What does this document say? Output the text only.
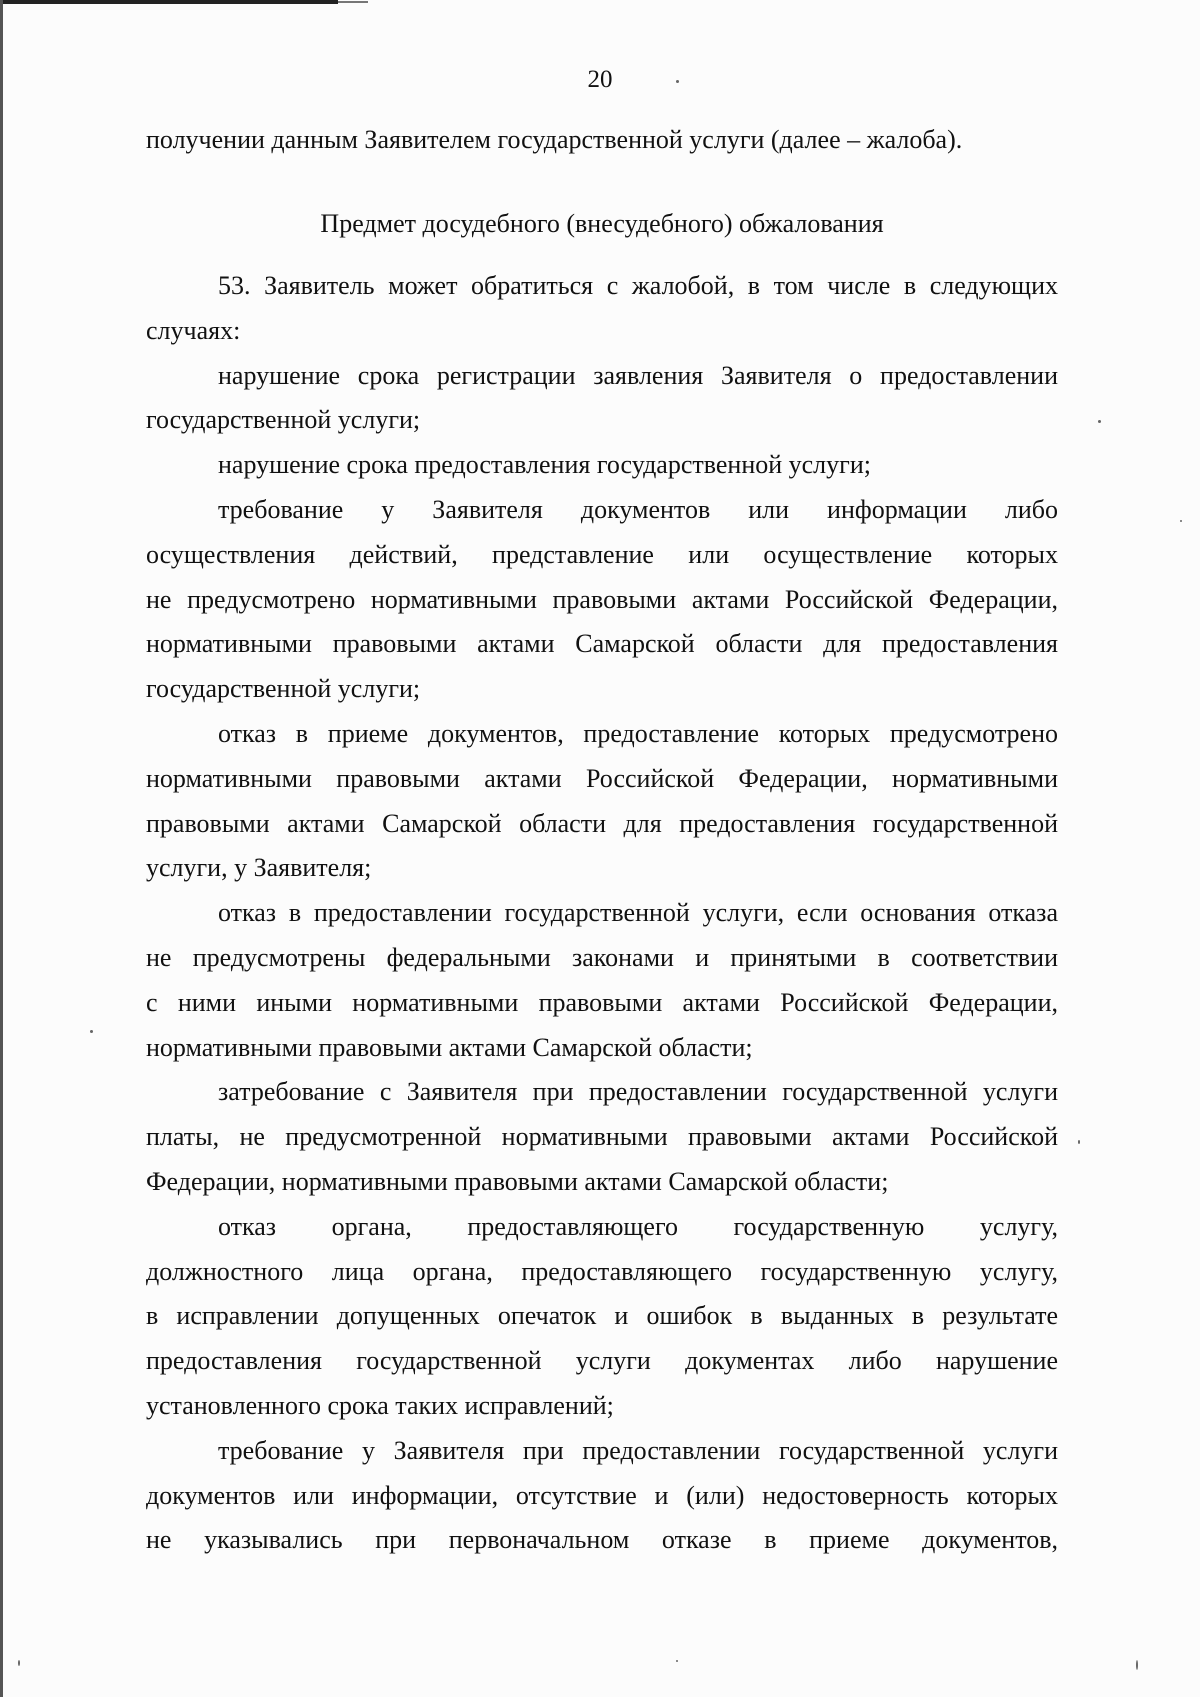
20
получении данным Заявителем государственной услуги (далее – жалоба).
Предмет досудебного (внесудебного) обжалования
53. Заявитель может обратиться с жалобой, в том числе в следующих
случаях:
нарушение срока регистрации заявления Заявителя о предоставлении
государственной услуги;
нарушение срока предоставления государственной услуги;
требование у Заявителя документов или информации либо
осуществления действий, представление или осуществление которых
не предусмотрено нормативными правовыми актами Российской Федерации,
нормативными правовыми актами Самарской области для предоставления
государственной услуги;
отказ в приеме документов, предоставление которых предусмотрено
нормативными правовыми актами Российской Федерации, нормативными
правовыми актами Самарской области для предоставления государственной
услуги, у Заявителя;
отказ в предоставлении государственной услуги, если основания отказа
не предусмотрены федеральными законами и принятыми в соответствии
с ними иными нормативными правовыми актами Российской Федерации,
нормативными правовыми актами Самарской области;
затребование с Заявителя при предоставлении государственной услуги
платы, не предусмотренной нормативными правовыми актами Российской
Федерации, нормативными правовыми актами Самарской области;
отказ органа, предоставляющего государственную услугу,
должностного лица органа, предоставляющего государственную услугу,
в исправлении допущенных опечаток и ошибок в выданных в результате
предоставления государственной услуги документах либо нарушение
установленного срока таких исправлений;
требование у Заявителя при предоставлении государственной услуги
документов или информации, отсутствие и (или) недостоверность которых
не указывались при первоначальном отказе в приеме документов,
